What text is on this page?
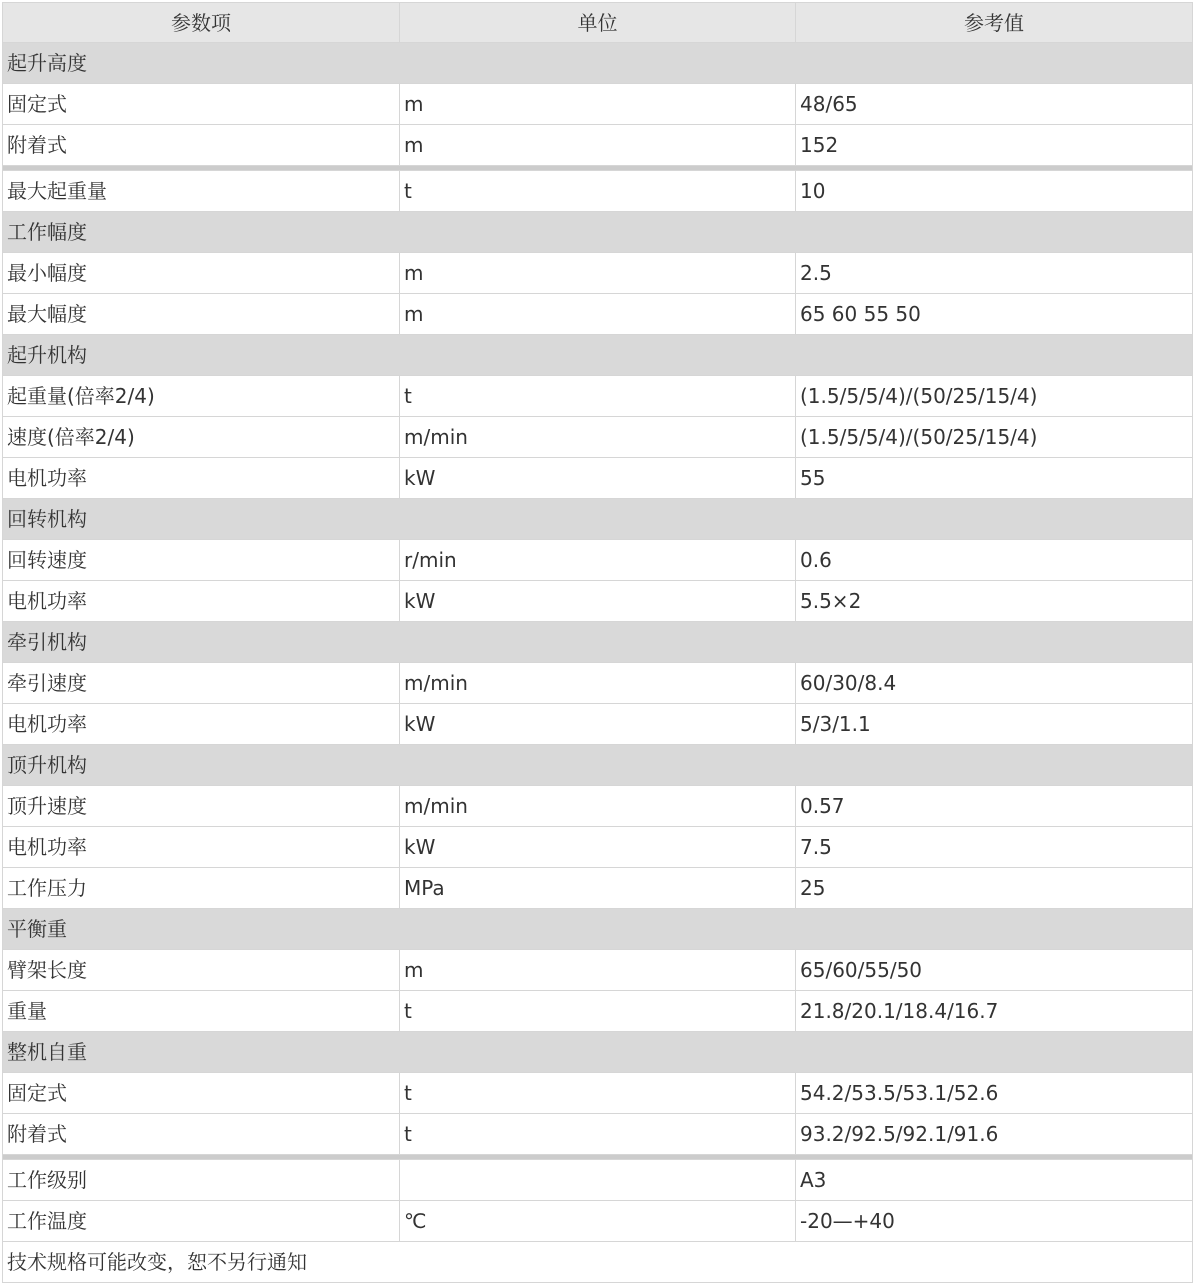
参数项	单位	参考值
起升高度		
固定式	m	48/65
附着式	m	152

最大起重量	t	10
工作幅度		
最小幅度	m	2.5
最大幅度	m	65 60 55 50
起升机构		
起重量(倍率2/4)	t	(1.5/5/5/4)/(50/25/15/4)
速度(倍率2/4)	m/min	(1.5/5/5/4)/(50/25/15/4)
电机功率	kW	55
回转机构		
回转速度	r/min	0.6
电机功率	kW	5.5×2
牵引机构		
牵引速度	m/min	60/30/8.4
电机功率	kW	5/3/1.1
顶升机构		
顶升速度	m/min	0.57
电机功率	kW	7.5
工作压力	MPa	25
平衡重		
臂架长度	m	65/60/55/50
重量	t	21.8/20.1/18.4/16.7
整机自重		
固定式	t	54.2/53.5/53.1/52.6
附着式	t	93.2/92.5/92.1/91.6

工作级别		A3
工作温度	℃	-20—+40
技术规格可能改变，恕不另行通知		
